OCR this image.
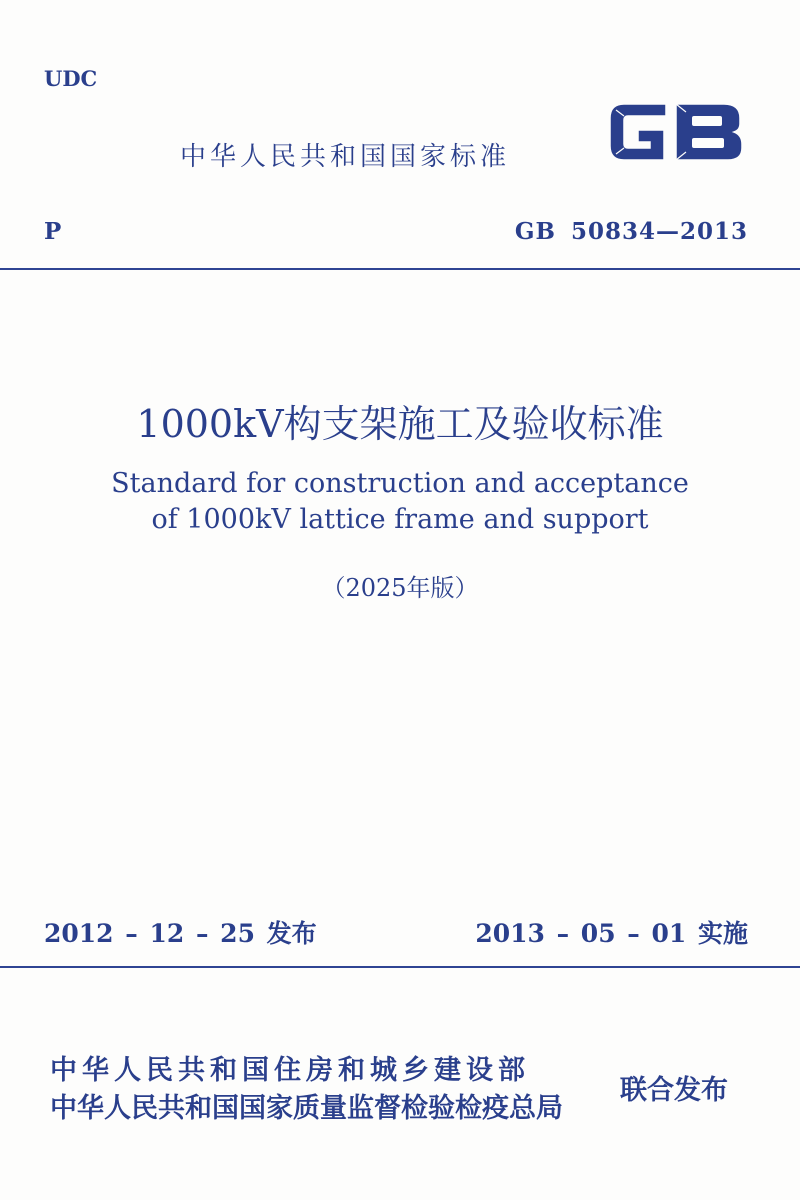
UDC
中华人民共和国国家标准
P	GB 50834—2013
1000kV构支架施工及验收标准
Standard for construction and acceptance
of 1000kV lattice frame and support
（2025年版）
2012 – 12 – 25 发布	2013 – 05 – 01 实施
中华人民共和国住房和城乡建设部
中华人民共和国国家质量监督检验检疫总局
联合发布
